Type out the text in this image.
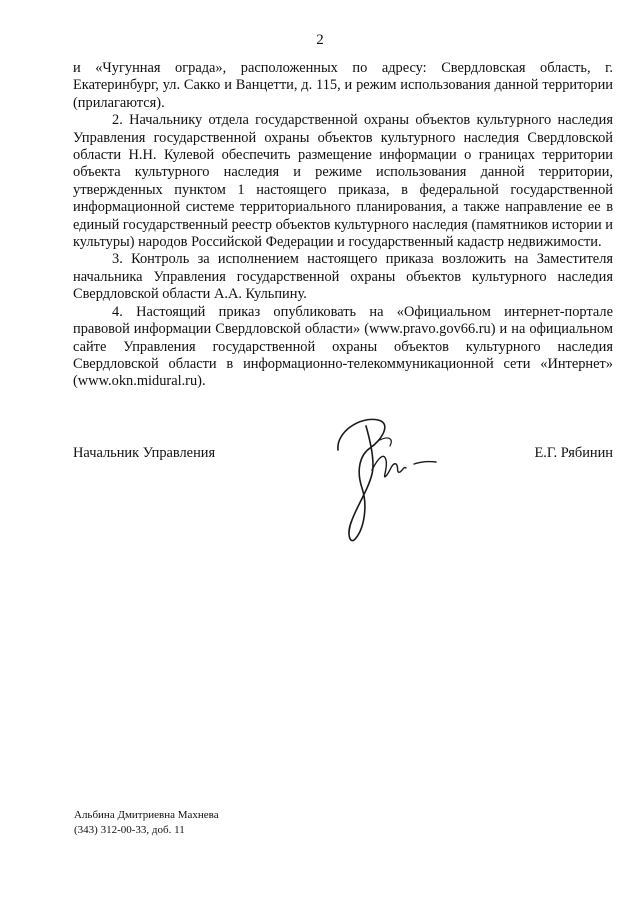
2

и «Чугунная ограда», расположенных по адресу: Свердловская область, г. Екатеринбург, ул. Сакко и Ванцетти, д. 115, и режим использования данной территории (прилагаются).

2. Начальнику отдела государственной охраны объектов культурного наследия Управления государственной охраны объектов культурного наследия Свердловской области Н.Н. Кулевой обеспечить размещение информации о границах территории объекта культурного наследия и режиме использования данной территории, утвержденных пунктом 1 настоящего приказа, в федеральной государственной информационной системе территориального планирования, а также направление ее в единый государственный реестр объектов культурного наследия (памятников истории и культуры) народов Российской Федерации и государственный кадастр недвижимости.

3. Контроль за исполнением настоящего приказа возложить на Заместителя начальника Управления государственной охраны объектов культурного наследия Свердловской области А.А. Кульпину.

4. Настоящий приказ опубликовать на «Официальном интернет-портале правовой информации Свердловской области» (www.pravo.gov66.ru) и на официальном сайте Управления государственной охраны объектов культурного наследия Свердловской области в информационно-телекоммуникационной сети «Интернет» (www.okn.midural.ru).

Начальник Управления	Е.Г. Рябинин
Альбина Дмитриевна Махнева
(343) 312-00-33, доб. 11
